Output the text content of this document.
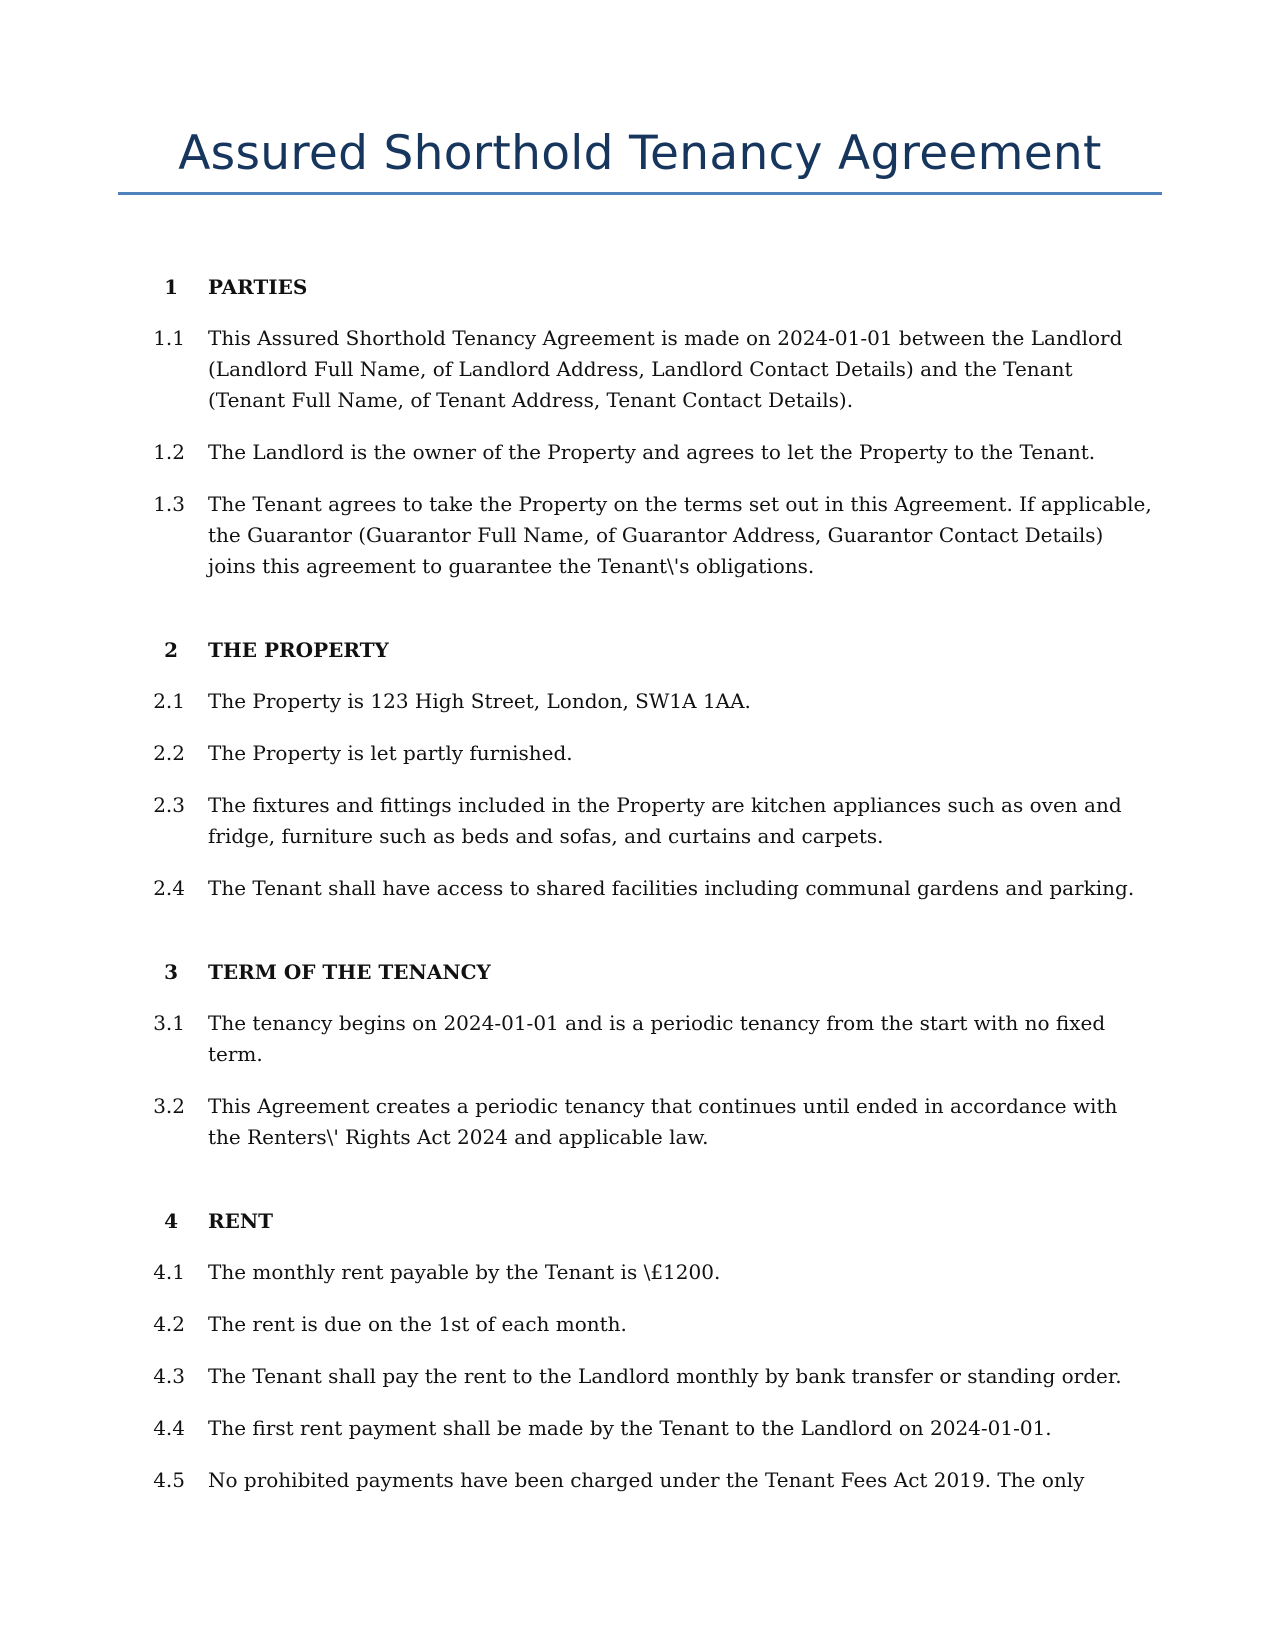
Assured Shorthold Tenancy Agreement
1 PARTIES
1.1 This Assured Shorthold Tenancy Agreement is made on 2024-01-01 between the Landlord (Landlord Full Name, of Landlord Address, Landlord Contact Details) and the Tenant (Tenant Full Name, of Tenant Address, Tenant Contact Details).
1.2 The Landlord is the owner of the Property and agrees to let the Property to the Tenant.
1.3 The Tenant agrees to take the Property on the terms set out in this Agreement. If applicable, the Guarantor (Guarantor Full Name, of Guarantor Address, Guarantor Contact Details) joins this agreement to guarantee the Tenant\'s obligations.
2 THE PROPERTY
2.1 The Property is 123 High Street, London, SW1A 1AA.
2.2 The Property is let partly furnished.
2.3 The fixtures and fittings included in the Property are kitchen appliances such as oven and fridge, furniture such as beds and sofas, and curtains and carpets.
2.4 The Tenant shall have access to shared facilities including communal gardens and parking.
3 TERM OF THE TENANCY
3.1 The tenancy begins on 2024-01-01 and is a periodic tenancy from the start with no fixed term.
3.2 This Agreement creates a periodic tenancy that continues until ended in accordance with the Renters\' Rights Act 2024 and applicable law.
4 RENT
4.1 The monthly rent payable by the Tenant is \£1200.
4.2 The rent is due on the 1st of each month.
4.3 The Tenant shall pay the rent to the Landlord monthly by bank transfer or standing order.
4.4 The first rent payment shall be made by the Tenant to the Landlord on 2024-01-01.
4.5 No prohibited payments have been charged under the Tenant Fees Act 2019. The only
